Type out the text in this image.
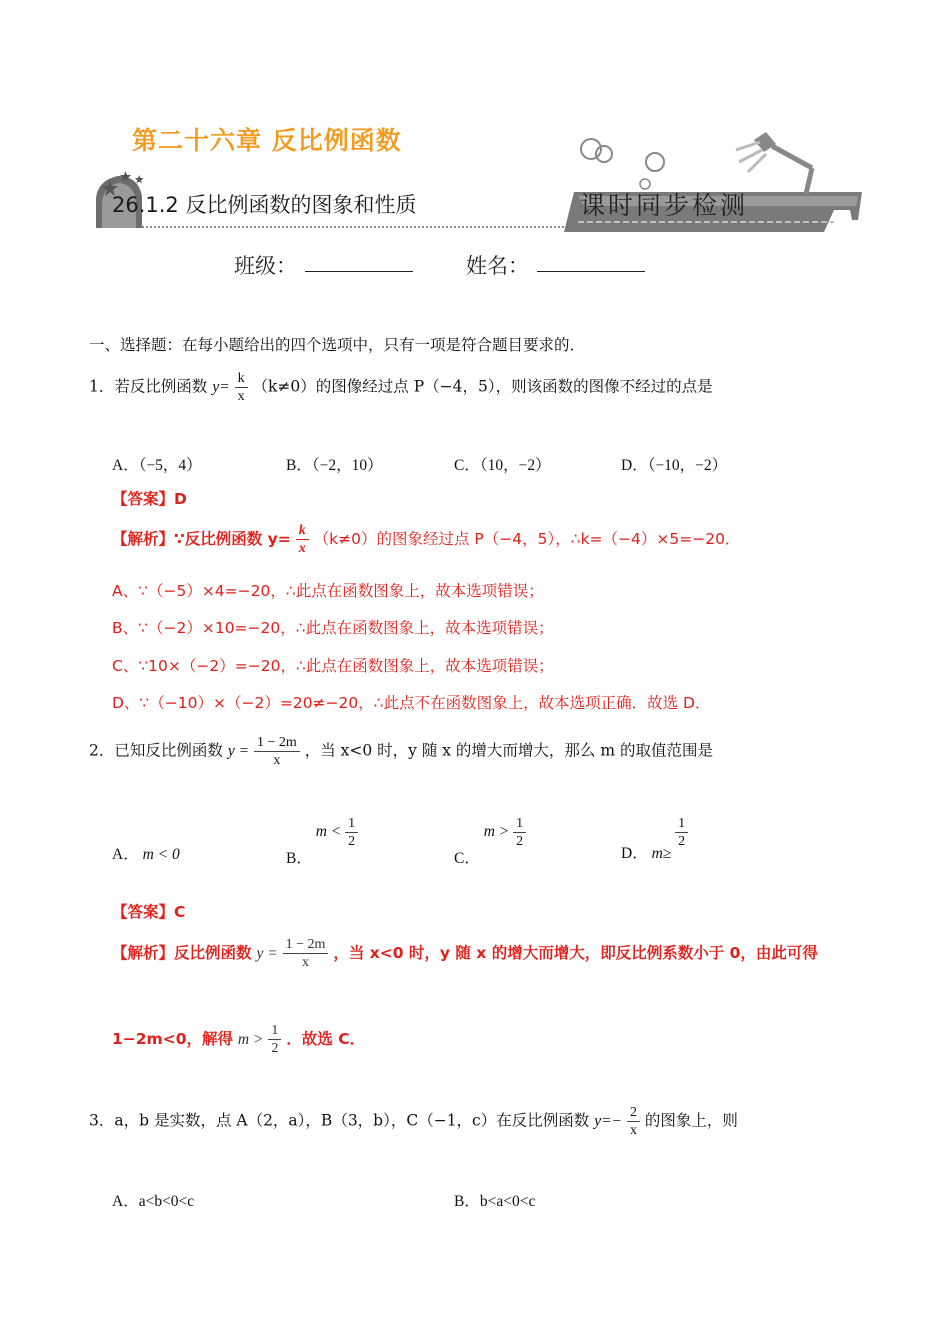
第二十六章 反比例函数
26.1.2 反比例函数的图象和性质	课时同步检测
班级：	姓名：
一、选择题：在每小题给出的四个选项中，只有一项是符合题目要求的．
1．若反比例函数 $y= \frac{k}{x} (k\ne 0)$的图像经过点 P（−4，5），则该函数的图像不经过的点是
A．（−5，4）	B．（−2，10）	C．（10，−2）	D．（−10，−2）
【答案】D
【解析】∵反比例函数 $y= \frac{k}{x} (k\ne 0)$的图象经过点 P（−4，5），∴k=（−4）×5=−20．
A、∵（−5）×4=−20，∴此点在函数图象上，故本选项错误；
B、∵（−2）×10=−20，∴此点在函数图象上，故本选项错误；
C、∵10×（−2）=−20，∴此点在函数图象上，故本选项错误；
D、∵（−10）×（−2）=20≠−20，∴此点不在函数图象上，故本选项正确．故选 D．
2．已知反比例函数 $y = \frac{1 - 2m}{x}$ ，当 x<0 时，y 随 x 的增大而增大，那么 m 的取值范围是
A． m < 0	B． $m < \frac{1}{2}$
C． $m > \frac{1}{2}$
D． m≥
$\frac{1}{2}$
【答案】C
【解析】反比例函数 $y = \frac{1 - 2m}{x}$ ，当 x<0 时，y 随 x 的增大而增大，即反比例系数小于 0，由此可得
1−2m<0，解得 $m > \frac{1}{2}$ ．故选 C．
3．a，b 是实数，点 A（2，a），B（3，b），C（−1，c）在反比例函数 $y=- \frac{2}{x}$ 的图象上，则
A．a<b<0<c	B．b<a<0<c
